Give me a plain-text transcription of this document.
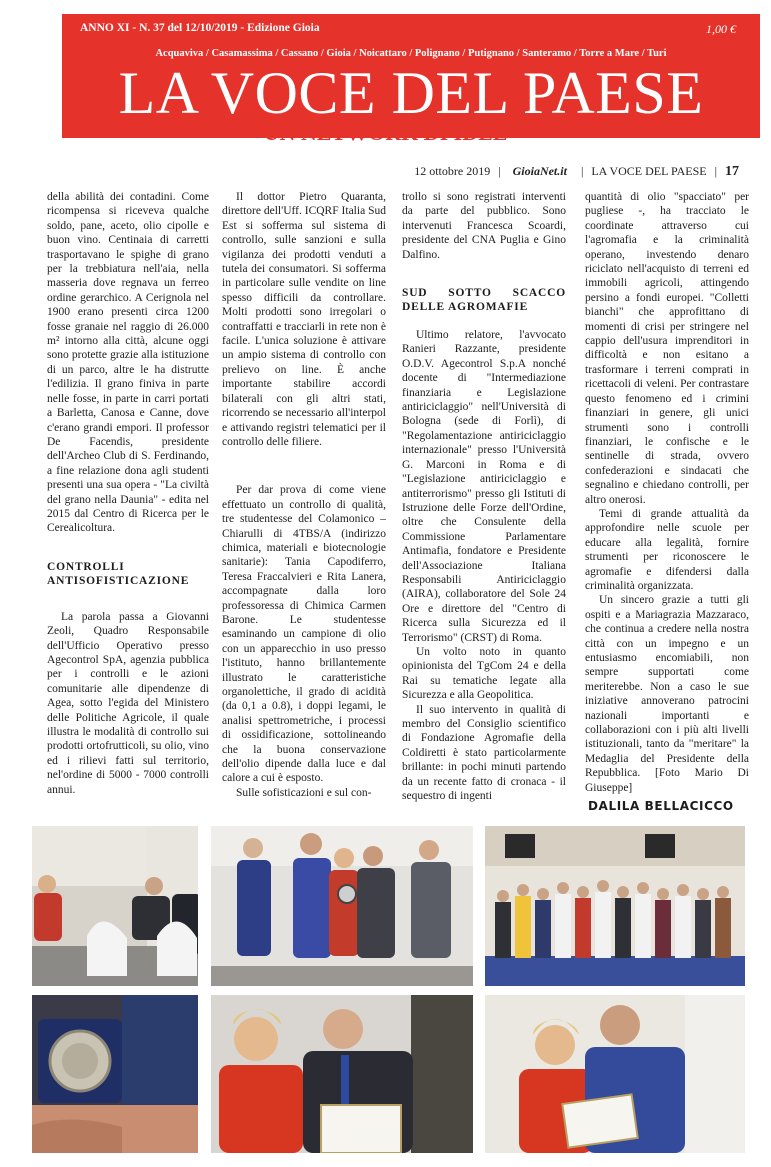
ANNO XI - N. 37 del 12/10/2019 - Edizione Gioia	1,00 €
Acquaviva / Casamassima / Cassano / Gioia / Noicattaro / Polignano / Putignano / Santeramo / Torre a Mare / Turi
LA VOCE DEL PAESE
UN NETWORK DI IDEE
12 ottobre 2019 | GioiaNet.it | LA VOCE DEL PAESE | 17

della abilità dei contadini. Come ricompensa si riceveva qualche soldo, pane, aceto, olio cipolle e buon vino. Centinaia di carretti trasportavano le spighe di grano per la trebbiatura nell'aia, nella masseria dove regnava un ferreo ordine gerarchico. A Cerignola nel 1900 erano presenti circa 1200 fosse granaie nel raggio di 26.000 m² intorno alla città, alcune oggi sono protette grazie alla istituzione di un parco, altre le ha distrutte l'edilizia. Il grano finiva in parte nelle fosse, in parte in carri portati a Barletta, Canosa e Canne, dove c'erano grandi empori. Il professor De Facendis, presidente dell'Archeo Club di S. Ferdinando, a fine relazione dona agli studenti presenti una sua opera - "La civiltà del grano nella Daunia" - edita nel 2015 dal Centro di Ricerca per le Cerealicoltura.

CONTROLLI ANTISOFISTICAZIONE

La parola passa a Giovanni Zeoli, Quadro Responsabile dell'Ufficio Operativo presso Agecontrol SpA, agenzia pubblica per i controlli e le azioni comunitarie alle dipendenze di Agea, sotto l'egida del Ministero delle Politiche Agricole, il quale illustra le modalità di controllo sui prodotti ortofrutticoli, su olio, vino ed i rilievi fatti sul territorio, nel'ordine di 5000 - 7000 controlli annui.

Il dottor Pietro Quaranta, direttore dell'Uff. ICQRF Italia Sud Est si sofferma sul sistema di controllo, sulle sanzioni e sulla vigilanza dei prodotti venduti a tutela dei consumatori. Si sofferma in particolare sulle vendite on line spesso difficili da controllare. Molti prodotti sono irregolari o contraffatti e tracciarli in rete non è facile. L'unica soluzione è attivare un ampio sistema di controllo con prelievo on line. È anche importante stabilire accordi bilaterali con gli altri stati, ricorrendo se necessario all'interpol e attivando registri telematici per il controllo delle filiere.

Per dar prova di come viene effettuato un controllo di qualità, tre studentesse del Colamonico – Chiarulli di 4TBS/A (indirizzo chimica, materiali e biotecnologie sanitarie): Tania Capodiferro, Teresa Fraccalvieri e Rita Lanera, accompagnate dalla loro professoressa di Chimica Carmen Barone. Le studentesse esaminando un campione di olio con un apparecchio in uso presso l'istituto, hanno brillantemente illustrato le caratteristiche organolettiche, il grado di acidità (da 0,1 a 0.8), i doppi legami, le analisi spettrometriche, i processi di ossidificazione, sottolineando che la buona conservazione dell'olio dipende dalla luce e dal calore a cui è esposto.

Sulle sofisticazioni e sul con-

trollo si sono registrati interventi da parte del pubblico. Sono intervenuti Francesca Scoardi, presidente del CNA Puglia e Gino Dalfino.

SUD SOTTO SCACCO DELLE AGROMAFIE

Ultimo relatore, l'avvocato Ranieri Razzante, presidente O.D.V. Agecontrol S.p.A nonché docente di "Intermediazione finanziaria e Legislazione antiriciclaggio" nell'Università di Bologna (sede di Forlì), di "Regolamentazione antiriciclaggio internazionale" presso l'Università G. Marconi in Roma e di "Legislazione antiriciclaggio e antiterrorismo" presso gli Istituti di Istruzione delle Forze dell'Ordine, oltre che Consulente della Commissione Parlamentare Antimafia, fondatore e Presidente dell'Associazione Italiana Responsabili Antiriciclaggio (AIRA), collaboratore del Sole 24 Ore e direttore del "Centro di Ricerca sulla Sicurezza ed il Terrorismo" (CRST) di Roma.

Un volto noto in quanto opinionista del TgCom 24 e della Rai su tematiche legate alla Sicurezza e alla Geopolitica.

Il suo intervento in qualità di membro del Consiglio scientifico di Fondazione Agromafie della Coldiretti è stato particolarmente brillante: in pochi minuti partendo da un recente fatto di cronaca - il sequestro di ingenti

quantità di olio "spacciato" per pugliese -, ha tracciato le coordinate attraverso cui l'agromafia e la criminalità operano, investendo denaro riciclato nell'acquisto di terreni ed immobili agricoli, attingendo persino a fondi europei. "Colletti bianchi" che approfittano di momenti di crisi per stringere nel cappio dell'usura imprenditori in difficoltà e non esitano a trasformare i terreni comprati in ricettacoli di veleni. Per contrastare questo fenomeno ed i crimini finanziari in genere, gli unici strumenti sono i controlli finanziari, le confische e le sentinelle di strada, ovvero confederazioni e sindacati che segnalino e chiedano controlli, per altro onerosi.

Temi di grande attualità da approfondire nelle scuole per educare alla legalità, fornire strumenti per riconoscere le agromafie e difendersi dalla criminalità organizzata.

Un sincero grazie a tutti gli ospiti e a Mariagrazia Mazzaraco, che continua a credere nella nostra città con un impegno e un entusiasmo encomiabili, non sempre supportati come meriterebbe. Non a caso le sue iniziative annoverano patrocini nazionali importanti e collaborazioni con i più alti livelli istituzionali, tanto da "meritare" la Medaglia del Presidente della Repubblica. [Foto Mario Di Giuseppe]

DALILA BELLACICCO
